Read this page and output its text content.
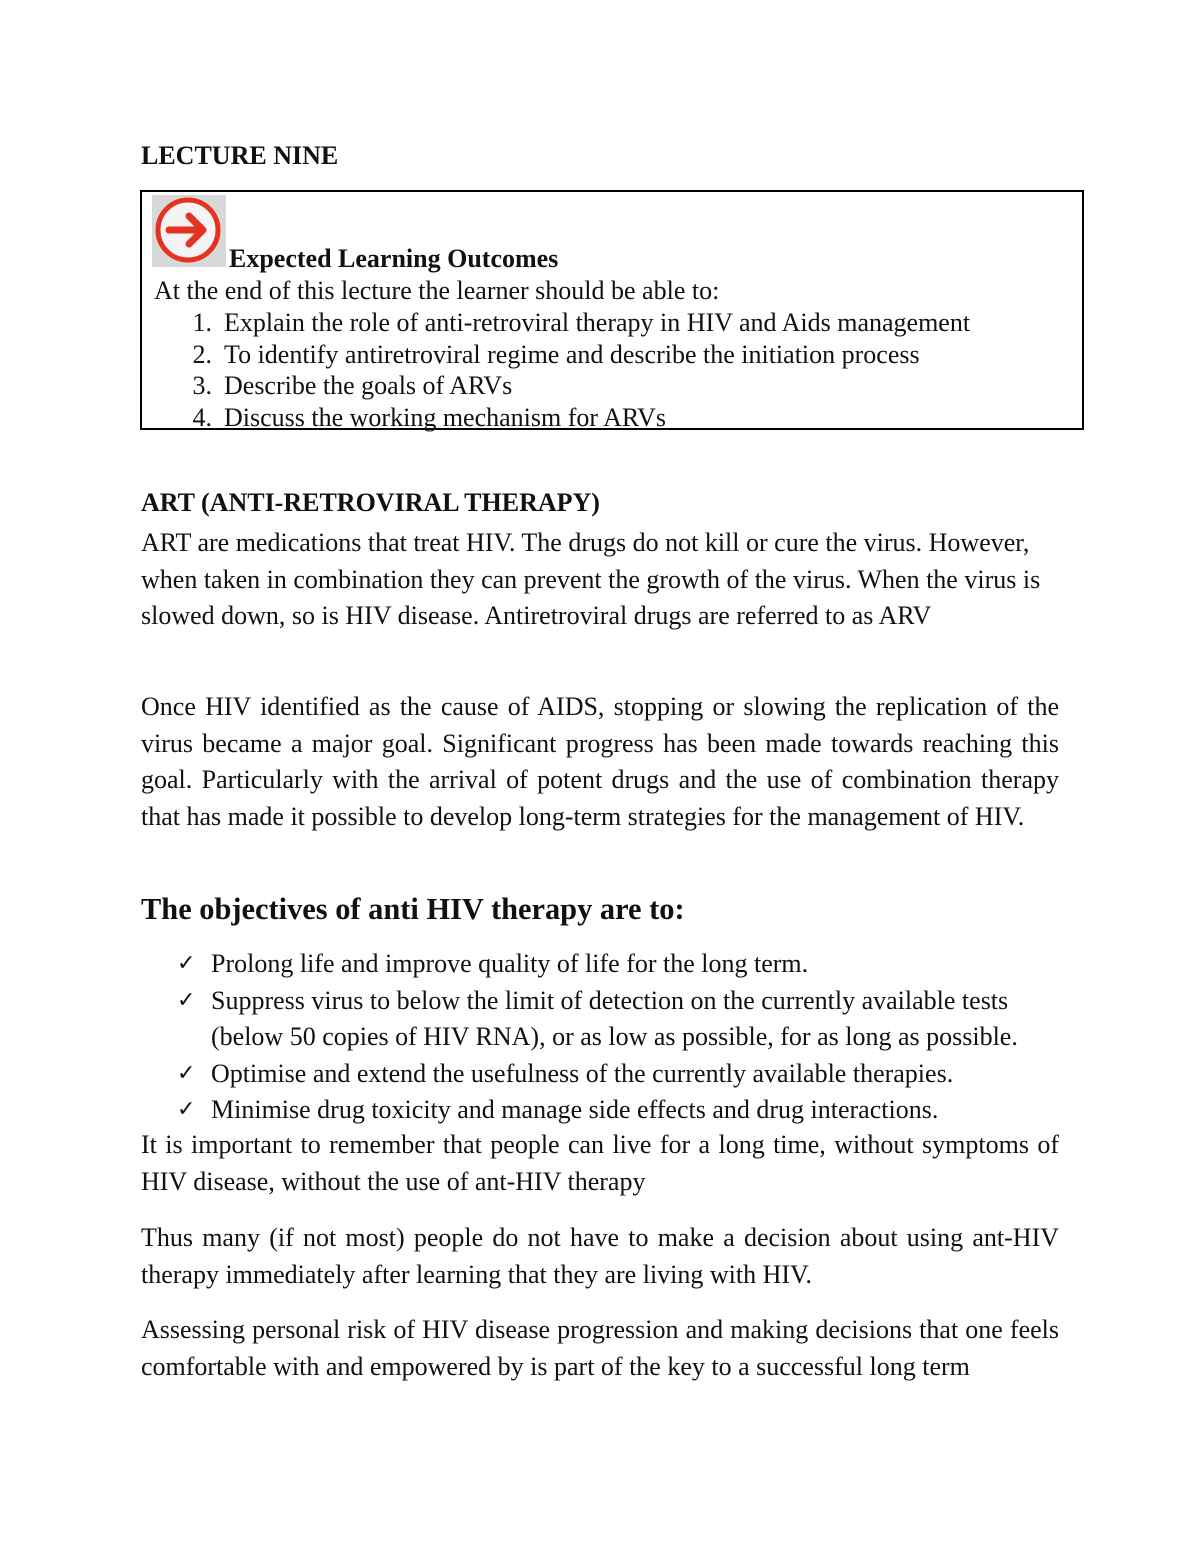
LECTURE NINE
Expected Learning Outcomes
At the end of this lecture the learner should be able to:
1. Explain the role of anti-retroviral therapy in HIV and Aids management
2. To identify antiretroviral regime and describe the initiation process
3. Describe the goals of ARVs
4. Discuss the working mechanism for ARVs
ART (ANTI-RETROVIRAL THERAPY)

ART are medications that treat HIV. The drugs do not kill or cure the virus. However, when taken in combination they can prevent the growth of the virus. When the virus is slowed down, so is HIV disease. Antiretroviral drugs are referred to as ARV

Once HIV identified as the cause of AIDS, stopping or slowing the replication of the virus became a major goal. Significant progress has been made towards reaching this goal. Particularly with the arrival of potent drugs and the use of combination therapy that has made it possible to develop long-term strategies for the management of HIV.

The objectives of anti HIV therapy are to:
✓ Prolong life and improve quality of life for the long term.
✓ Suppress virus to below the limit of detection on the currently available tests (below 50 copies of HIV RNA), or as low as possible, for as long as possible.
✓ Optimise and extend the usefulness of the currently available therapies.
✓ Minimise drug toxicity and manage side effects and drug interactions.

It is important to remember that people can live for a long time, without symptoms of HIV disease, without the use of ant-HIV therapy

Thus many (if not most) people do not have to make a decision about using ant-HIV therapy immediately after learning that they are living with HIV.

Assessing personal risk of HIV disease progression and making decisions that one feels comfortable with and empowered by is part of the key to a successful long term
